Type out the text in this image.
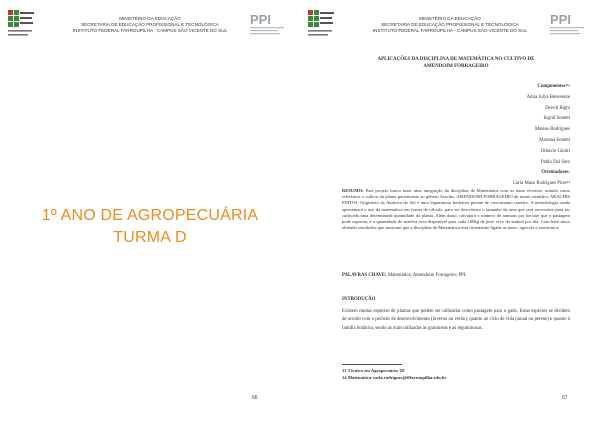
MINISTÉRIO DA EDUCAÇÃO
SECRETARIA DE EDUCAÇÃO PROFISSIONAL E TECNOLÓGICA
INSTITUTO FEDERAL FARROUPILHA - CAMPUS SÃO VICENTE DO SUL
PPI
1º ANO DE AGROPECUÁRIA
TURMA D
66
MINISTÉRIO DA EDUCAÇÃO
SECRETARIA DE EDUCAÇÃO PROFISSIONAL E TECNOLÓGICA
INSTITUTO FEDERAL FARROUPILHA - CAMPUS SÃO VICENTE DO SUL
PPI
APLICAÇÕES DA DISCIPLINA DE MATEMÁTICA NO CULTIVO DE
AMENDOIM FORRAGEIRO
Componentes¹³:
Amia Julya Benevente
Deivid Righi
Ingrid Sonetti
Mateus Rodrigues
Mariana Sonetti
Othavio Gindri
Pablo Dal Soto
Orientadores:
Carla Maso Rodrigues Pires¹⁴
RESUMO: Este projeto busca fazer uma integração da disciplina de Matemática com as áreas técnicas, usando como referência o cultivo da planta pertencente ao gênero Arachis, AMENDOIM FORRAGEIRO de nome científico ARACHIS PINTOI. Originário da América do Sul é uma leguminosa herbácea perene de crescimento rasteiro. A metodologia usada apresentará o uso da matemática em forma de cálculo, para ser descoberto o tamanho da área que será necessário para ser cultivada uma determinada quantidade da planta. Além disso, calculará o número de animais por hectare que a pastagem pode suportar, e a quantidade de matéria seca disponível para cada 100kg de peso vivo do animal por dia. Com base nisso obtendo resultados que mostram que a disciplina de Matemática está fortemente ligada as áreas: agrícola e zootécnica.
PALAVRAS CHAVE: Matemática; Amendoim Forrageiro; PPI.
INTRODUÇÃO
Existem muitas espécies de plantas que podem ser utilizadas como pastagem para o gado. Estas espécies se dividem de acordo com o período de desenvolvimento (inverno ou verão), quanto ao ciclo de vida (anual ou perene) e quanto à família botânica, sendo as mais utilizadas as gramíneas e as leguminosas.
13 Técnico em Agropecuária 1D
14 Matemática-carla.rodrigues@iffarroupilha.edu.br
67
